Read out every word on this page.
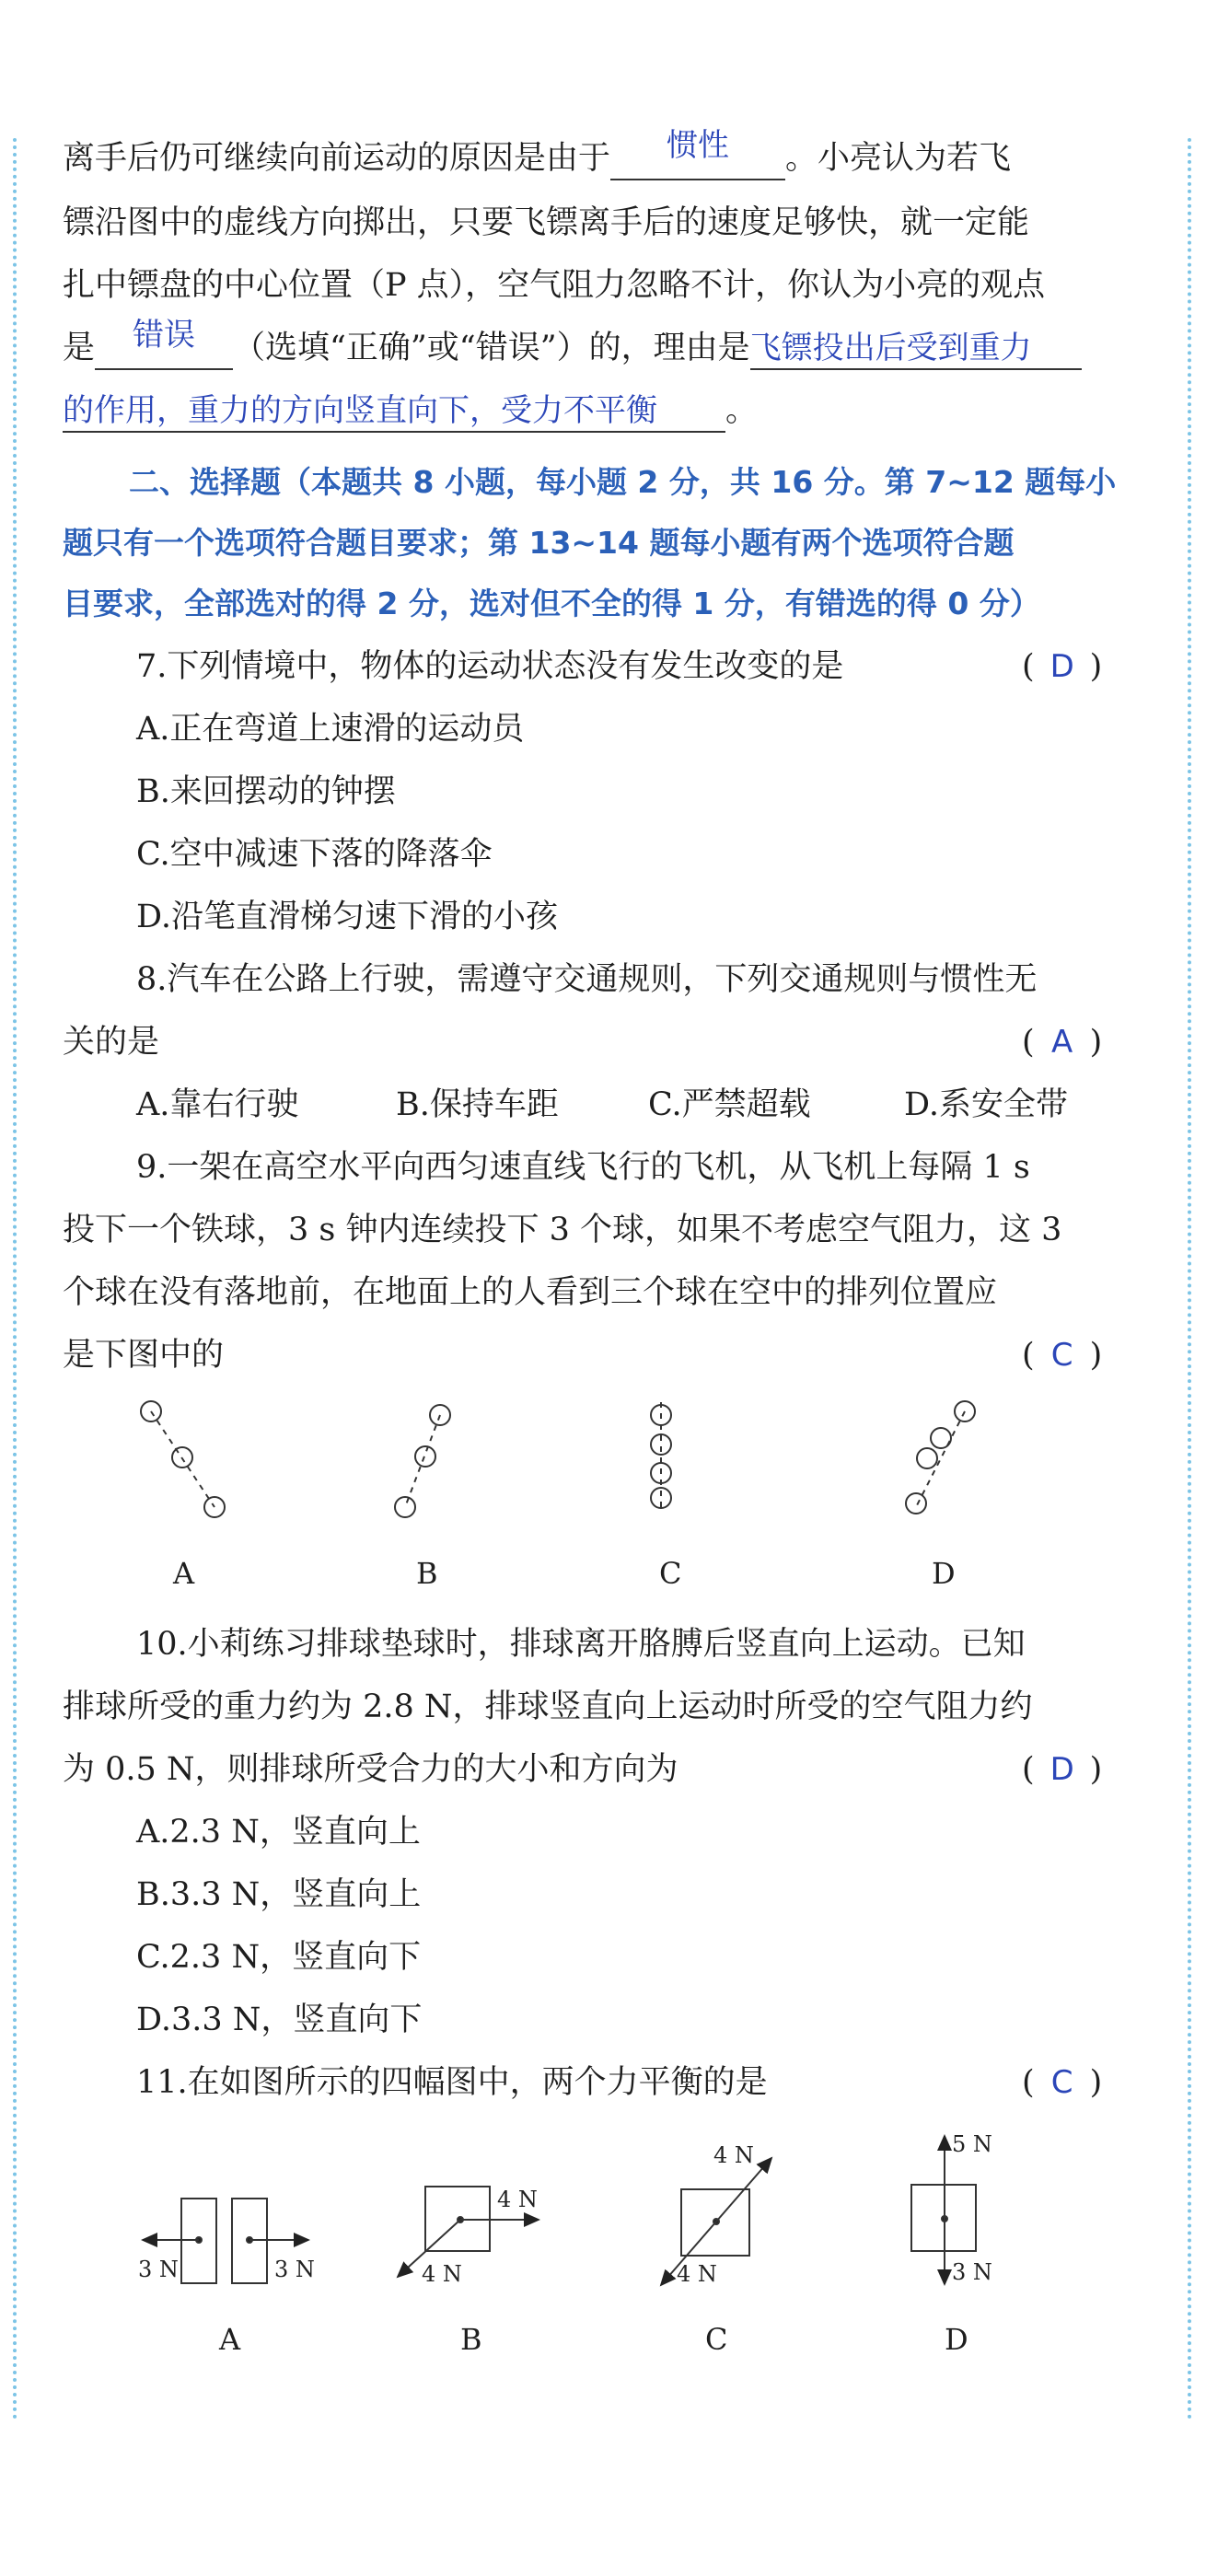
离手后仍可继续向前运动的原因是由于 惯性 。小亮认为若飞
镖沿图中的虚线方向掷出，只要飞镖离手后的速度足够快，就一定能
扎中镖盘的中心位置（P 点），空气阻力忽略不计，你认为小亮的观点
是 错误 （选填“正确”或“错误”）的，理由是飞镖投出后受到重力
的作用，重力的方向竖直向下，受力不平衡 。
二、选择题（本题共 8 小题，每小题 2 分，共 16 分。第 7~12 题每小
题只有一个选项符合题目要求；第 13~14 题每小题有两个选项符合题
目要求，全部选对的得 2 分，选对但不全的得 1 分，有错选的得 0 分）
7.下列情境中，物体的运动状态没有发生改变的是	( D )
A.正在弯道上速滑的运动员
B.来回摆动的钟摆
C.空中减速下落的降落伞
D.沿笔直滑梯匀速下滑的小孩
8.汽车在公路上行驶，需遵守交通规则，下列交通规则与惯性无
关的是	( A )
A.靠右行驶	B.保持车距	C.严禁超载	D.系安全带
9.一架在高空水平向西匀速直线飞行的飞机，从飞机上每隔 1 s
投下一个铁球，3 s 钟内连续投下 3 个球，如果不考虑空气阻力，这 3
个球在没有落地前，在地面上的人看到三个球在空中的排列位置应
是下图中的	( C )
A	B	C	D
10.小莉练习排球垫球时，排球离开胳膊后竖直向上运动。已知
排球所受的重力约为 2.8 N，排球竖直向上运动时所受的空气阻力约
为 0.5 N，则排球所受合力的大小和方向为	( D )
A.2.3 N，竖直向上
B.3.3 N，竖直向上
C.2.3 N，竖直向下
D.3.3 N，竖直向下
11.在如图所示的四幅图中，两个力平衡的是	( C )
3 N	3 N
4 N
4 N
4 N
4 N
5 N
3 N
A	B	C	D
